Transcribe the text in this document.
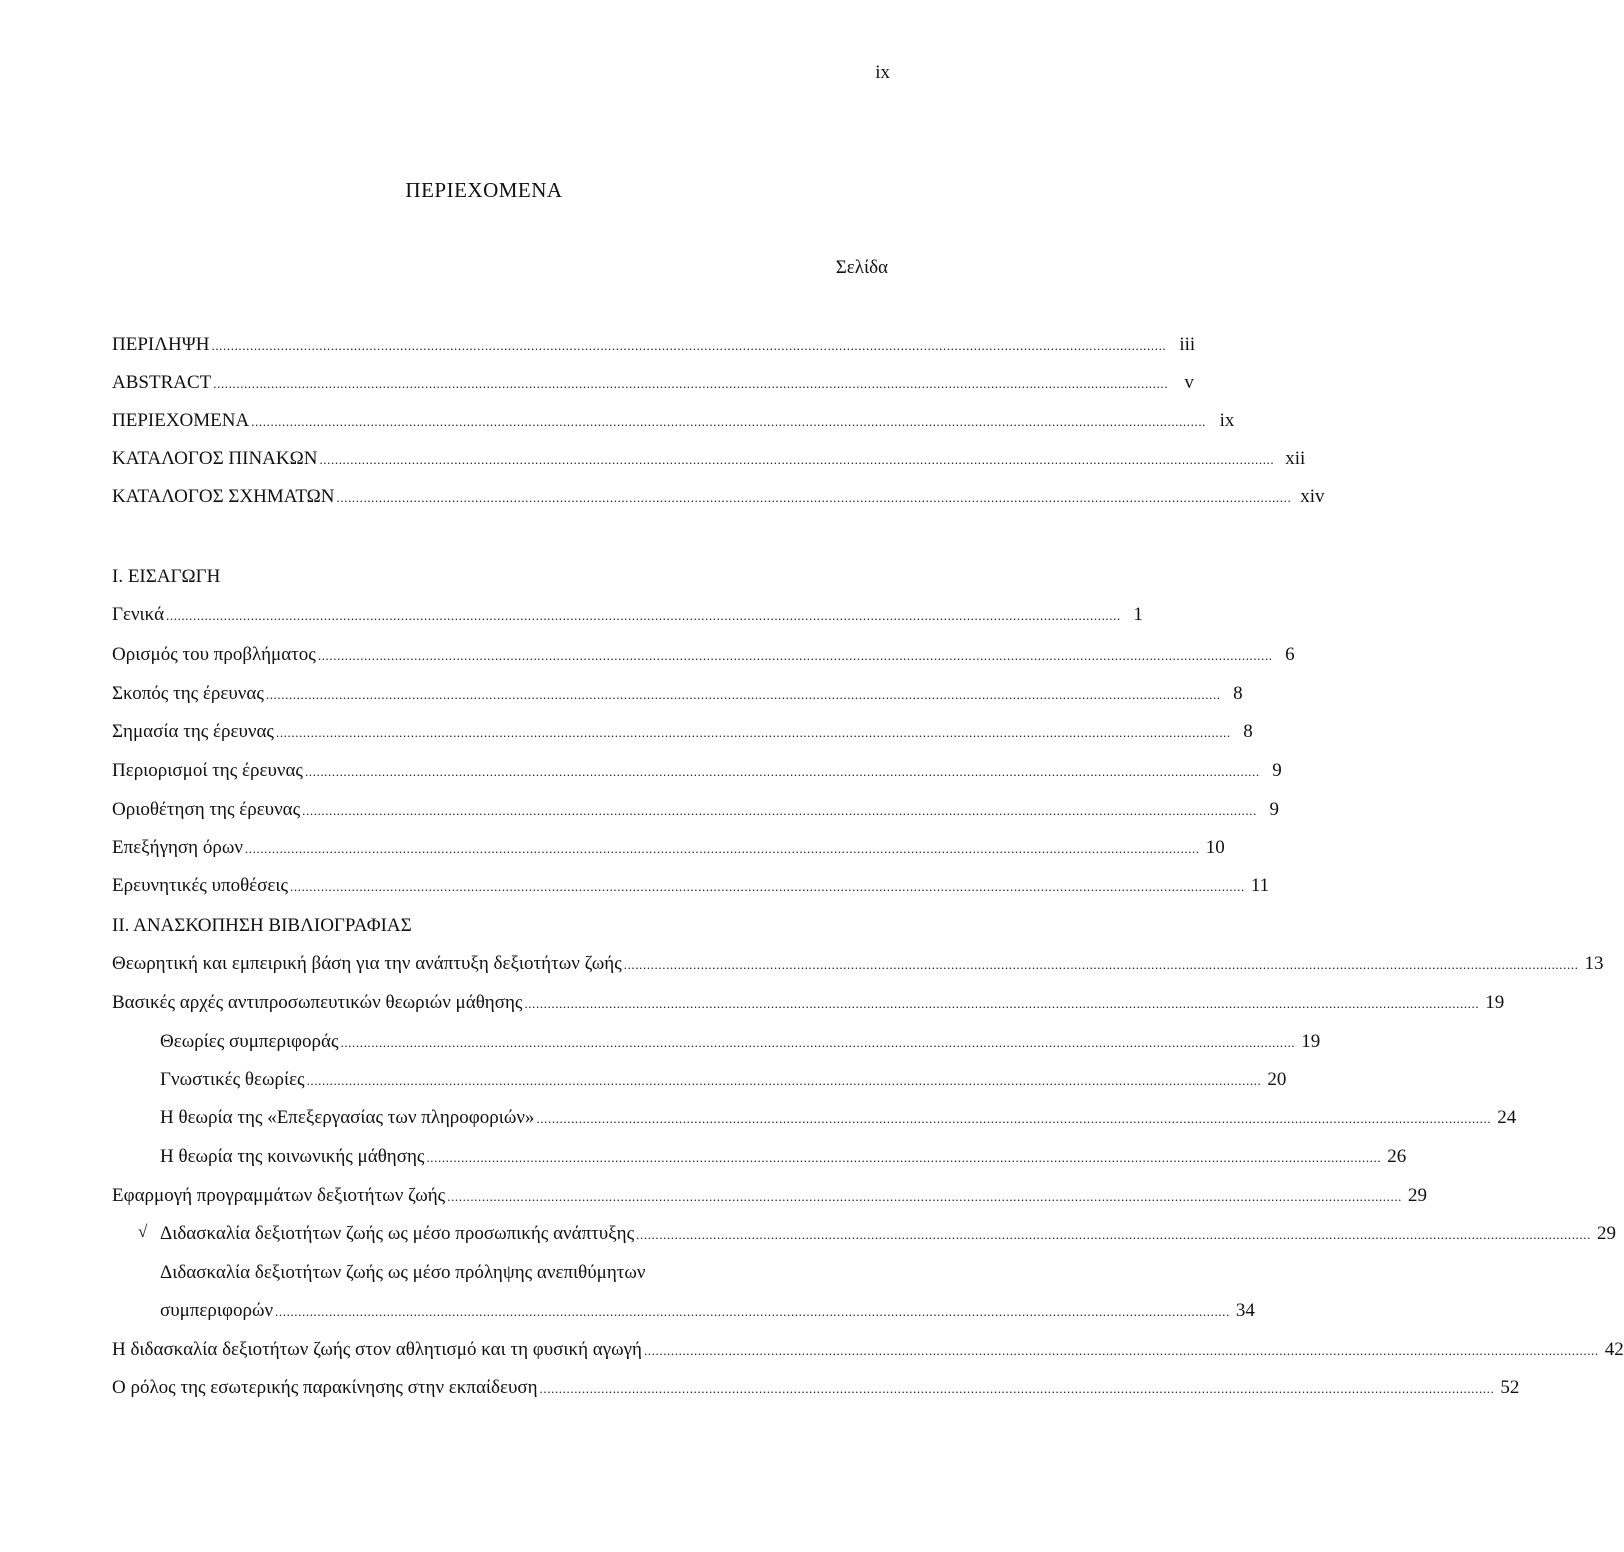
ix
ΠΕΡΙΕΧΟΜΕΝΑ
Σελίδα
ΠΕΡΙΛΗΨΗ ........................................................................................................................................................................................................................................................ iii
ABSTRACT ........................................................................................................................................................................................................................................................ v
ΠΕΡΙΕΧΟΜΕΝΑ ........................................................................................................................................................................................................................................................ ix
ΚΑΤΑΛΟΓΟΣ ΠΙΝΑΚΩΝ ........................................................................................................................................................................................................................................................ xii
ΚΑΤΑΛΟΓΟΣ ΣΧΗΜΑΤΩΝ ........................................................................................................................................................................................................................................................ xiv
Ι. ΕΙΣΑΓΩΓΗ
Γενικά ........................................................................................................................................................................................................................................................ 1
Ορισμός του προβλήματος ........................................................................................................................................................................................................................................................ 6
Σκοπός της έρευνας ........................................................................................................................................................................................................................................................ 8
Σημασία της έρευνας ........................................................................................................................................................................................................................................................ 8
Περιορισμοί της έρευνας ........................................................................................................................................................................................................................................................ 9
Οριοθέτηση της έρευνας ........................................................................................................................................................................................................................................................ 9
Επεξήγηση όρων ........................................................................................................................................................................................................................................................ 10
Ερευνητικές υποθέσεις ........................................................................................................................................................................................................................................................ 11
ΙΙ. ΑΝΑΣΚΟΠΗΣΗ ΒΙΒΛΙΟΓΡΑΦΙΑΣ
Θεωρητική και εμπειρική βάση για την ανάπτυξη δεξιοτήτων ζωής ........................................................................................................................................................................................................................................................ 13
Βασικές αρχές αντιπροσωπευτικών θεωριών μάθησης ........................................................................................................................................................................................................................................................ 19
Θεωρίες συμπεριφοράς ........................................................................................................................................................................................................................................................ 19
Γνωστικές θεωρίες ........................................................................................................................................................................................................................................................ 20
Η θεωρία της «Επεξεργασίας των πληροφοριών» ........................................................................................................................................................................................................................................................ 24
Η θεωρία της κοινωνικής μάθησης ........................................................................................................................................................................................................................................................ 26
Εφαρμογή προγραμμάτων δεξιοτήτων ζωής ........................................................................................................................................................................................................................................................ 29
√ Διδασκαλία δεξιοτήτων ζωής ως μέσο προσωπικής ανάπτυξης ........................................................................................................................................................................................................................................................ 29
Διδασκαλία δεξιοτήτων ζωής ως μέσο πρόληψης ανεπιθύμητων
συμπεριφορών ........................................................................................................................................................................................................................................................ 34
Η διδασκαλία δεξιοτήτων ζωής στον αθλητισμό και τη φυσική αγωγή ........................................................................................................................................................................................................................................................ 42
Ο ρόλος της εσωτερικής παρακίνησης στην εκπαίδευση ........................................................................................................................................................................................................................................................ 52
